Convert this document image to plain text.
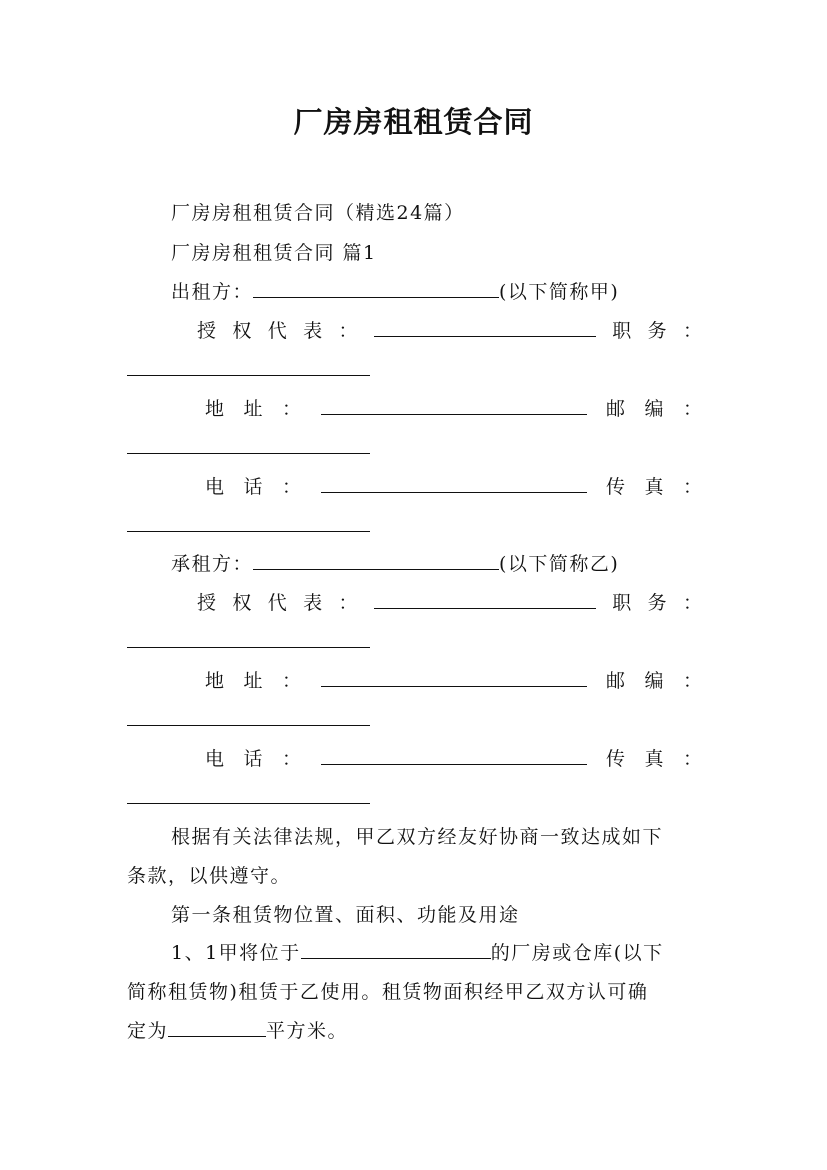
厂房房租租赁合同
厂房房租租赁合同（精选24篇）
厂房房租租赁合同 篇1
出租方：	(以下简称甲)
授 权 代 表 ：	职 务 ：
地 址 ：	邮 编 ：
电 话 ：	传 真 ：
承租方：	(以下简称乙)
授 权 代 表 ：	职 务 ：
地 址 ：	邮 编 ：
电 话 ：	传 真 ：
根据有关法律法规，甲乙双方经友好协商一致达成如下
条款，以供遵守。
第一条租赁物位置、面积、功能及用途
1、1甲将位于	的厂房或仓库(以下
简称租赁物)租赁于乙使用。租赁物面积经甲乙双方认可确
定为	平方米。
